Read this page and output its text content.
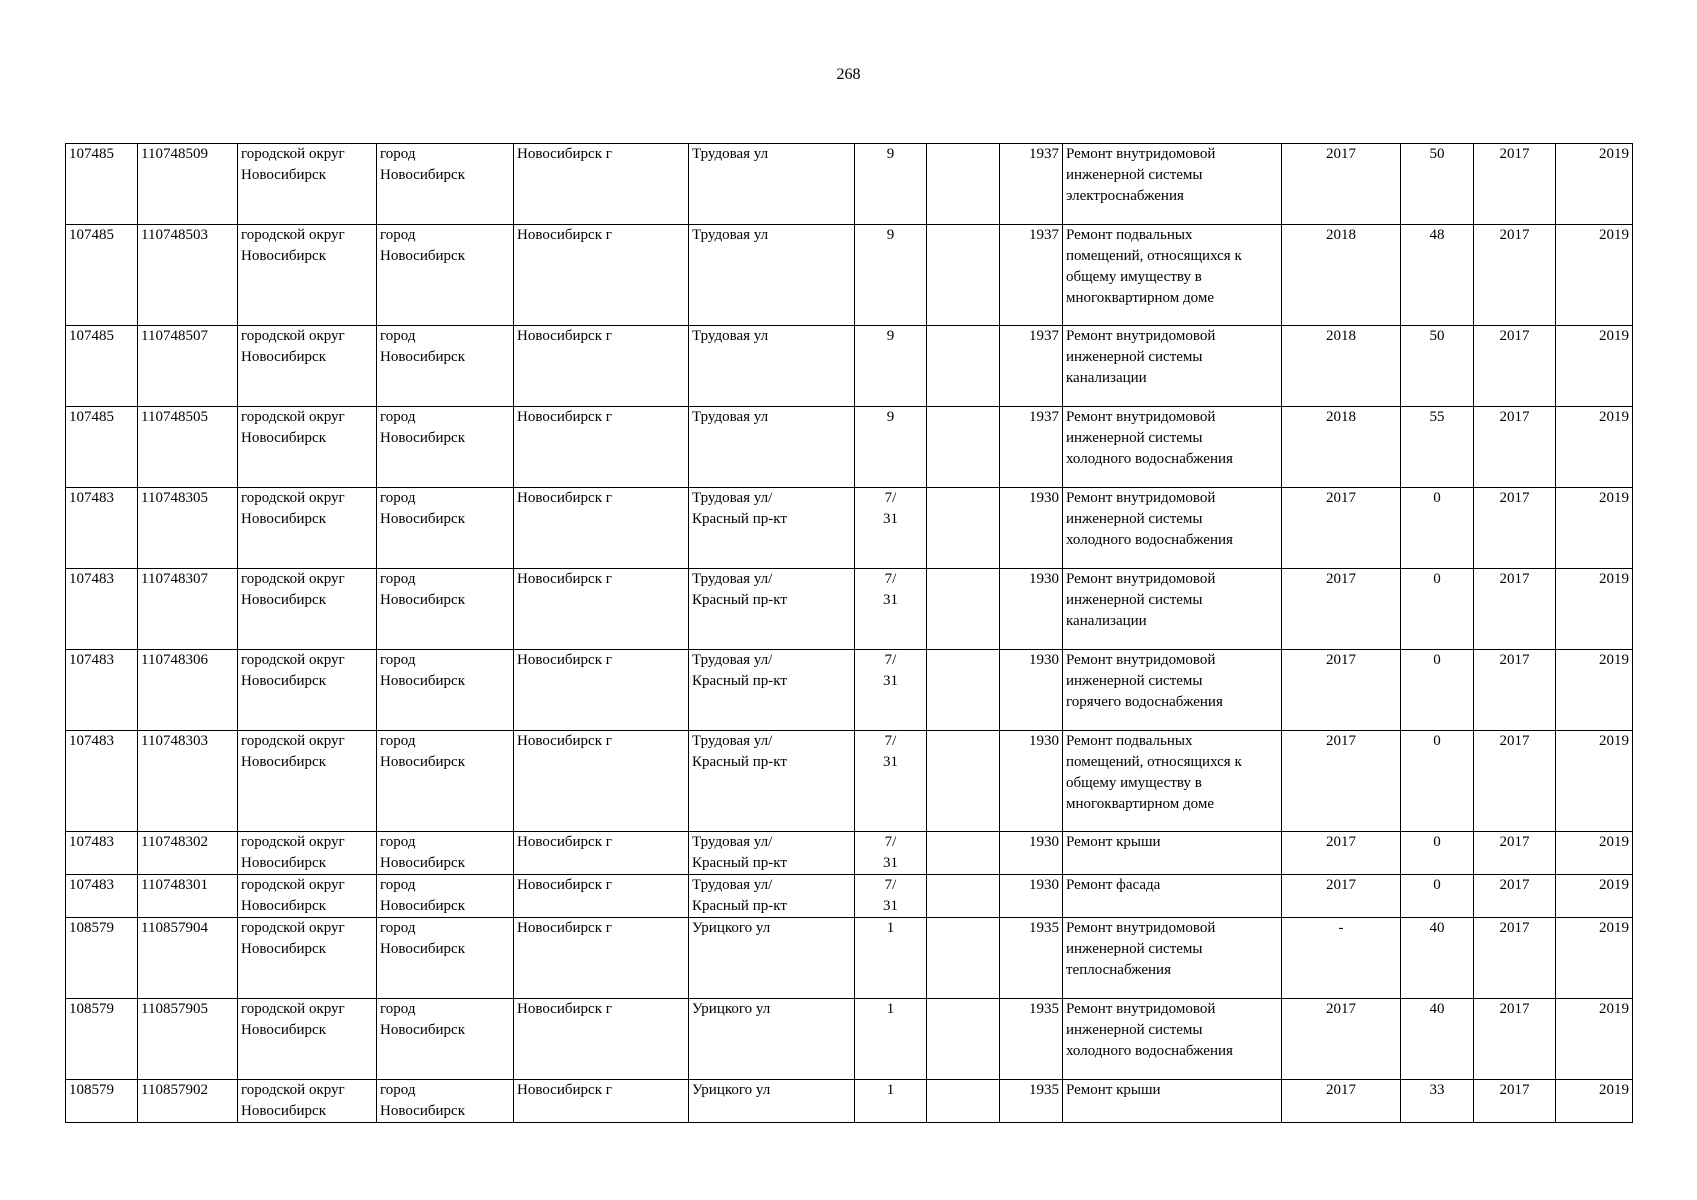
268
107485	110748509	городской округ
Новосибирск	город
Новосибирск	Новосибирск г	Трудовая ул	9		1937	Ремонт внутридомовой
инженерной системы
электроснабжения	2017	50	2017	2019
107485	110748503	городской округ
Новосибирск	город
Новосибирск	Новосибирск г	Трудовая ул	9		1937	Ремонт подвальных
помещений, относящихся к
общему имуществу в
многоквартирном доме	2018	48	2017	2019
107485	110748507	городской округ
Новосибирск	город
Новосибирск	Новосибирск г	Трудовая ул	9		1937	Ремонт внутридомовой
инженерной системы
канализации	2018	50	2017	2019
107485	110748505	городской округ
Новосибирск	город
Новосибирск	Новосибирск г	Трудовая ул	9		1937	Ремонт внутридомовой
инженерной системы
холодного водоснабжения	2018	55	2017	2019
107483	110748305	городской округ
Новосибирск	город
Новосибирск	Новосибирск г	Трудовая ул/
Красный пр-кт	7/
31		1930	Ремонт внутридомовой
инженерной системы
холодного водоснабжения	2017	0	2017	2019
107483	110748307	городской округ
Новосибирск	город
Новосибирск	Новосибирск г	Трудовая ул/
Красный пр-кт	7/
31		1930	Ремонт внутридомовой
инженерной системы
канализации	2017	0	2017	2019
107483	110748306	городской округ
Новосибирск	город
Новосибирск	Новосибирск г	Трудовая ул/
Красный пр-кт	7/
31		1930	Ремонт внутридомовой
инженерной системы
горячего водоснабжения	2017	0	2017	2019
107483	110748303	городской округ
Новосибирск	город
Новосибирск	Новосибирск г	Трудовая ул/
Красный пр-кт	7/
31		1930	Ремонт подвальных
помещений, относящихся к
общему имуществу в
многоквартирном доме	2017	0	2017	2019
107483	110748302	городской округ
Новосибирск	город
Новосибирск	Новосибирск г	Трудовая ул/
Красный пр-кт	7/
31		1930	Ремонт крыши	2017	0	2017	2019
107483	110748301	городской округ
Новосибирск	город
Новосибирск	Новосибирск г	Трудовая ул/
Красный пр-кт	7/
31		1930	Ремонт фасада	2017	0	2017	2019
108579	110857904	городской округ
Новосибирск	город
Новосибирск	Новосибирск г	Урицкого ул	1		1935	Ремонт внутридомовой
инженерной системы
теплоснабжения	-	40	2017	2019
108579	110857905	городской округ
Новосибирск	город
Новосибирск	Новосибирск г	Урицкого ул	1		1935	Ремонт внутридомовой
инженерной системы
холодного водоснабжения	2017	40	2017	2019
108579	110857902	городской округ
Новосибирск	город
Новосибирск	Новосибирск г	Урицкого ул	1		1935	Ремонт крыши	2017	33	2017	2019
